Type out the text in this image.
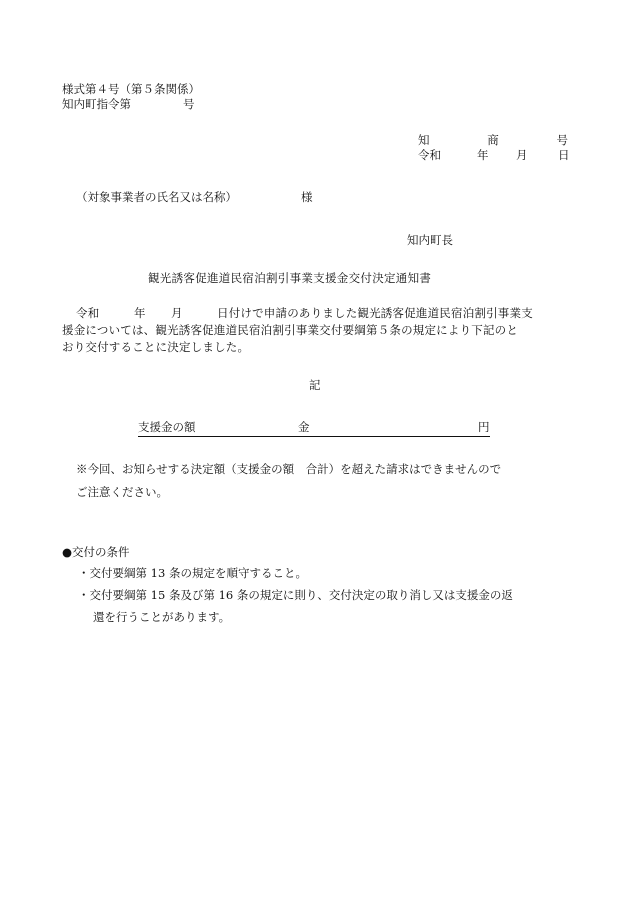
様式第４号（第５条関係）
知内町指令第	号
知	商	号
令和	年 月	日
（対象事業者の氏名又は名称）	様
知内町長
観光誘客促進道民宿泊割引事業支援金交付決定通知書
令和	年 月	日付けで申請のありました観光誘客促進道民宿泊割引事業支
援金については、観光誘客促進道民宿泊割引事業交付要綱第５条の規定により下記のと
おり交付することに決定しました。
記
支援金の額	金	円
※今回、お知らせする決定額（支援金の額　合計）を超えた請求はできませんので
ご注意ください。
●交付の条件
・交付要綱第 13 条の規定を順守すること。
・交付要綱第 15 条及び第 16 条の規定に則り、交付決定の取り消し又は支援金の返
還を行うことがあります。
